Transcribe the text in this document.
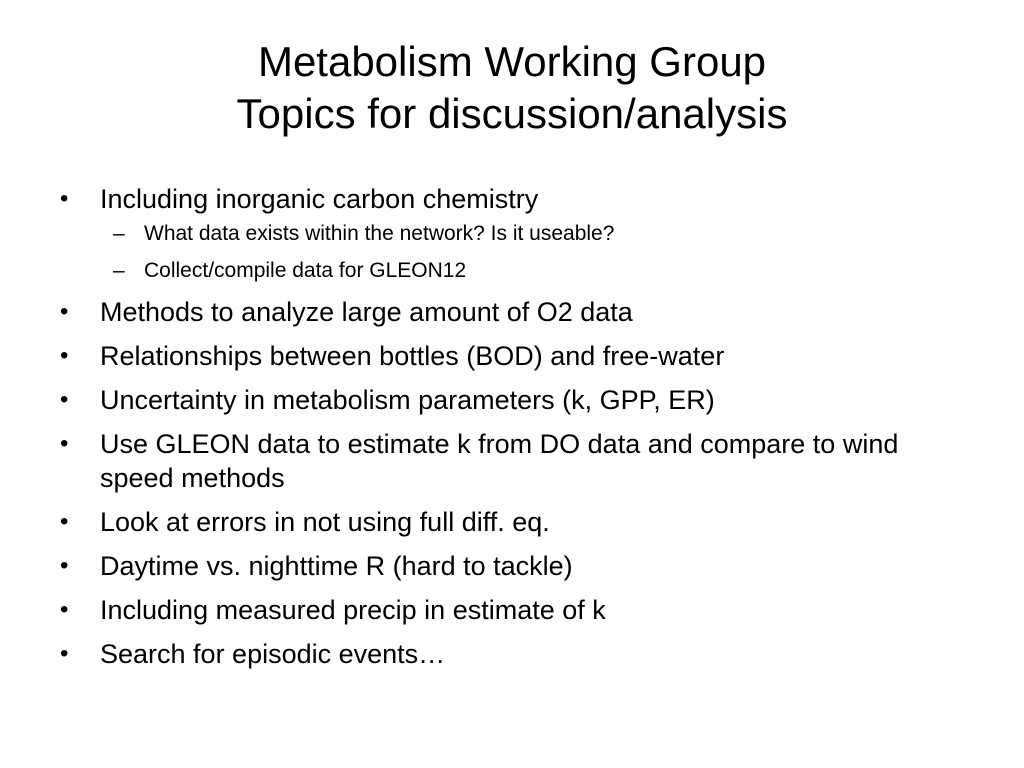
Metabolism Working Group
Topics for discussion/analysis
• Including inorganic carbon chemistry
– What data exists within the network? Is it useable?
– Collect/compile data for GLEON12
• Methods to analyze large amount of O2 data
• Relationships between bottles (BOD) and free-water
• Uncertainty in metabolism parameters (k, GPP, ER)
• Use GLEON data to estimate k from DO data and compare to wind speed methods
• Look at errors in not using full diff. eq.
• Daytime vs. nighttime R (hard to tackle)
• Including measured precip in estimate of k
• Search for episodic events…
